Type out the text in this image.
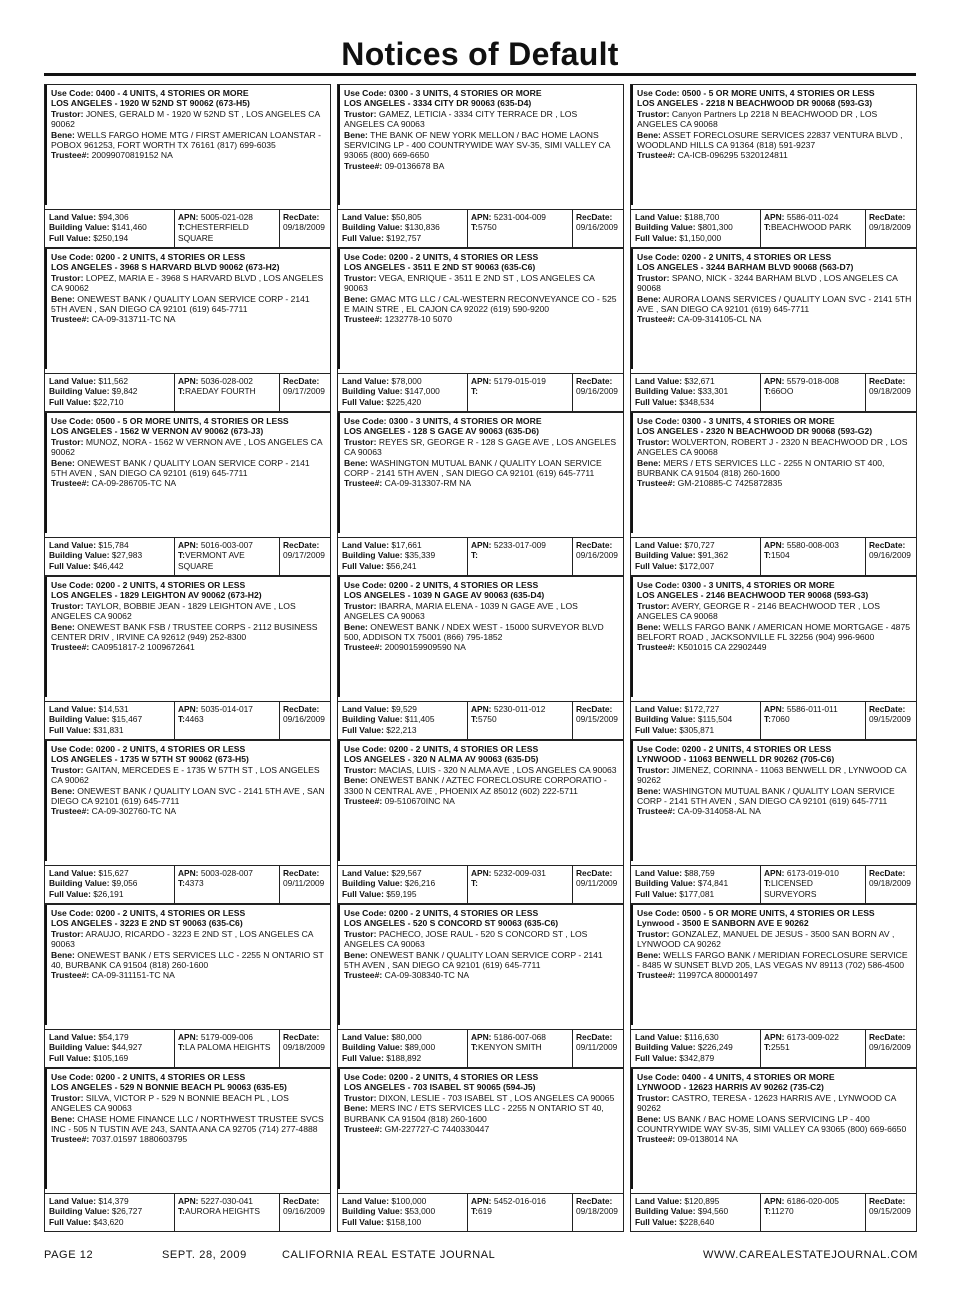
Notices of Default
Use Code: 0400 - 4 UNITS, 4 STORIES OR MORE
LOS ANGELES - 1920 W 52ND ST 90062 (673-H5)
Trustor: JONES, GERALD M - 1920 W 52ND ST , LOS ANGELES CA 90062
Bene: WELLS FARGO HOME MTG / FIRST AMERICAN LOANSTAR - POBOX 961253, FORT WORTH TX 76161 (817) 699-6035
Trustee#: 20099070819152 NA
Land Value: $94,306
Building Value: $141,460
Full Value: $250,194
APN: 5005-021-028
T:CHESTERFIELD SQUARE
RecDate:
09/18/2009
Use Code: 0300 - 3 UNITS, 4 STORIES OR MORE
LOS ANGELES - 3334 CITY DR 90063 (635-D4)
Trustor: GAMEZ, LETICIA - 3334 CITY TERRACE DR , LOS ANGELES CA 90063
Bene: THE BANK OF NEW YORK MELLON / BAC HOME LAONS SERVICING LP - 400 COUNTRYWIDE WAY SV-35, SIMI VALLEY CA 93065 (800) 669-6650
Trustee#: 09-0136678 BA
Land Value: $50,805
Building Value: $130,836
Full Value: $192,757
APN: 5231-004-009
T:5750
RecDate:
09/16/2009
Use Code: 0500 - 5 OR MORE UNITS, 4 STORIES OR LESS
LOS ANGELES - 2218 N BEACHWOOD DR 90068 (593-G3)
Trustor: Canyon Partners Lp 2218 N BEACHWOOD DR , LOS ANGELES CA 90068
Bene: ASSET FORECLOSURE SERVICES 22837 VENTURA BLVD , WOODLAND HILLS CA 91364 (818) 591-9237
Trustee#: CA-ICB-096295 5320124811
Land Value: $188,700
Building Value: $801,300
Full Value: $1,150,000
APN: 5586-011-024
T:BEACHWOOD PARK
RecDate:
09/18/2009
Use Code: 0200 - 2 UNITS, 4 STORIES OR LESS
LOS ANGELES - 3968 S HARVARD BLVD 90062 (673-H2)
Trustor: LOPEZ, MARIA E - 3968 S HARVARD BLVD , LOS ANGELES CA 90062
Bene: ONEWEST BANK / QUALITY LOAN SERVICE CORP - 2141 5TH AVEN , SAN DIEGO CA 92101 (619) 645-7711
Trustee#: CA-09-313711-TC NA
Land Value: $11,562
Building Value: $9,842
Full Value: $22,710
APN: 5036-028-002
T:RAEDAY FOURTH
RecDate:
09/17/2009
Use Code: 0200 - 2 UNITS, 4 STORIES OR LESS
LOS ANGELES - 3511 E 2ND ST 90063 (635-C6)
Trustor: VEGA, ENRIQUE - 3511 E 2ND ST , LOS ANGELES CA 90063
Bene: GMAC MTG LLC / CAL-WESTERN RECONVEYANCE CO - 525 E MAIN STRE , EL CAJON CA 92022 (619) 590-9200
Trustee#: 1232778-10 5070
Land Value: $78,000
Building Value: $147,000
Full Value: $225,420
APN: 5179-015-019
T:
RecDate:
09/16/2009
Use Code: 0200 - 2 UNITS, 4 STORIES OR LESS
LOS ANGELES - 3244 BARHAM BLVD 90068 (563-D7)
Trustor: SPANO, NICK - 3244 BARHAM BLVD , LOS ANGELES CA 90068
Bene: AURORA LOANS SERVICES / QUALITY LOAN SVC - 2141 5TH AVE , SAN DIEGO CA 92101 (619) 645-7711
Trustee#: CA-09-314105-CL NA
Land Value: $32,671
Building Value: $33,301
Full Value: $348,534
APN: 5579-018-008
T:66OO
RecDate:
09/18/2009
Use Code: 0500 - 5 OR MORE UNITS, 4 STORIES OR LESS
LOS ANGELES - 1562 W VERNON AV 90062 (673-J3)
Trustor: MUNOZ, NORA - 1562 W VERNON AVE , LOS ANGELES CA 90062
Bene: ONEWEST BANK / QUALITY LOAN SERVICE CORP - 2141 5TH AVEN , SAN DIEGO CA 92101 (619) 645-7711
Trustee#: CA-09-286705-TC NA
Land Value: $15,784
Building Value: $27,983
Full Value: $46,442
APN: 5016-003-007
T:VERMONT AVE SQUARE
RecDate:
09/17/2009
Use Code: 0300 - 3 UNITS, 4 STORIES OR MORE
LOS ANGELES - 128 S GAGE AV 90063 (635-D6)
Trustor: REYES SR, GEORGE R - 128 S GAGE AVE , LOS ANGELES CA 90063
Bene: WASHINGTON MUTUAL BANK / QUALITY LOAN SERVICE CORP - 2141 5TH AVEN , SAN DIEGO CA 92101 (619) 645-7711
Trustee#: CA-09-313307-RM NA
Land Value: $17,661
Building Value: $35,339
Full Value: $56,241
APN: 5233-017-009
T:
RecDate:
09/16/2009
Use Code: 0300 - 3 UNITS, 4 STORIES OR MORE
LOS ANGELES - 2320 N BEACHWOOD DR 90068 (593-G2)
Trustor: WOLVERTON, ROBERT J - 2320 N BEACHWOOD DR , LOS ANGELES CA 90068
Bene: MERS / ETS SERVICES LLC - 2255 N ONTARIO ST 400, BURBANK CA 91504 (818) 260-1600
Trustee#: GM-210885-C 7425872835
Land Value: $70,727
Building Value: $91,362
Full Value: $172,007
APN: 5580-008-003
T:1504
RecDate:
09/16/2009
Use Code: 0200 - 2 UNITS, 4 STORIES OR LESS
LOS ANGELES - 1829 LEIGHTON AV 90062 (673-H2)
Trustor: TAYLOR, BOBBIE JEAN - 1829 LEIGHTON AVE , LOS ANGELES CA 90062
Bene: ONEWEST BANK FSB / TRUSTEE CORPS - 2112 BUSINESS CENTER DRIV , IRVINE CA 92612 (949) 252-8300
Trustee#: CA0951817-2 1009672641
Land Value: $14,531
Building Value: $15,467
Full Value: $31,831
APN: 5035-014-017
T:4463
RecDate:
09/16/2009
Use Code: 0200 - 2 UNITS, 4 STORIES OR LESS
LOS ANGELES - 1039 N GAGE AV 90063 (635-D4)
Trustor: IBARRA, MARIA ELENA - 1039 N GAGE AVE , LOS ANGELES CA 90063
Bene: ONEWEST BANK / NDEX WEST - 15000 SURVEYOR BLVD 500, ADDISON TX 75001 (866) 795-1852
Trustee#: 20090159909590 NA
Land Value: $9,529
Building Value: $11,405
Full Value: $22,213
APN: 5230-011-012
T:5750
RecDate:
09/15/2009
Use Code: 0300 - 3 UNITS, 4 STORIES OR MORE
LOS ANGELES - 2146 BEACHWOOD TER 90068 (593-G3)
Trustor: AVERY, GEORGE R - 2146 BEACHWOOD TER , LOS ANGELES CA 90068
Bene: WELLS FARGO BANK / AMERICAN HOME MORTGAGE - 4875 BELFORT ROAD , JACKSONVILLE FL 32256 (904) 996-9600
Trustee#: K501015 CA 22902449
Land Value: $172,727
Building Value: $115,504
Full Value: $305,871
APN: 5586-011-011
T:7060
RecDate:
09/15/2009
Use Code: 0200 - 2 UNITS, 4 STORIES OR LESS
LOS ANGELES - 1735 W 57TH ST 90062 (673-H5)
Trustor: GAITAN, MERCEDES E - 1735 W 57TH ST , LOS ANGELES CA 90062
Bene: ONEWEST BANK / QUALITY LOAN SVC - 2141 5TH AVE , SAN DIEGO CA 92101 (619) 645-7711
Trustee#: CA-09-302760-TC NA
Land Value: $15,627
Building Value: $9,056
Full Value: $26,191
APN: 5003-028-007
T:4373
RecDate:
09/11/2009
Use Code: 0200 - 2 UNITS, 4 STORIES OR LESS
LOS ANGELES - 320 N ALMA AV 90063 (635-D5)
Trustor: MACIAS, LUIS - 320 N ALMA AVE , LOS ANGELES CA 90063
Bene: ONEWEST BANK / AZTEC FORECLOSURE CORPORATIO - 3300 N CENTRAL AVE , PHOENIX AZ 85012 (602) 222-5711
Trustee#: 09-510670INC NA
Land Value: $29,567
Building Value: $26,216
Full Value: $59,195
APN: 5232-009-031
T:
RecDate:
09/11/2009
Use Code: 0200 - 2 UNITS, 4 STORIES OR LESS
LYNWOOD - 11063 BENWELL DR 90262 (705-C6)
Trustor: JIMENEZ, CORINNA - 11063 BENWELL DR , LYNWOOD CA 90262
Bene: WASHINGTON MUTUAL BANK / QUALITY LOAN SERVICE CORP - 2141 5TH AVEN , SAN DIEGO CA 92101 (619) 645-7711
Trustee#: CA-09-314058-AL NA
Land Value: $88,759
Building Value: $74,841
Full Value: $177,081
APN: 6173-019-010
T:LICENSED SURVEYORS
RecDate:
09/18/2009
Use Code: 0200 - 2 UNITS, 4 STORIES OR LESS
LOS ANGELES - 3223 E 2ND ST 90063 (635-C6)
Trustor: ARAUJO, RICARDO - 3223 E 2ND ST , LOS ANGELES CA 90063
Bene: ONEWEST BANK / ETS SERVICES LLC - 2255 N ONTARIO ST 40, BURBANK CA 91504 (818) 260-1600
Trustee#: CA-09-311151-TC NA
Land Value: $54,179
Building Value: $44,927
Full Value: $105,169
APN: 5179-009-006
T:LA PALOMA HEIGHTS
RecDate:
09/18/2009
Use Code: 0200 - 2 UNITS, 4 STORIES OR LESS
LOS ANGELES - 520 S CONCORD ST 90063 (635-C6)
Trustor: PACHECO, JOSE RAUL - 520 S CONCORD ST , LOS ANGELES CA 90063
Bene: ONEWEST BANK / QUALITY LOAN SERVICE CORP - 2141 5TH AVEN , SAN DIEGO CA 92101 (619) 645-7711
Trustee#: CA-09-308340-TC NA
Land Value: $80,000
Building Value: $89,000
Full Value: $188,892
APN: 5186-007-068
T:KENYON SMITH
RecDate:
09/11/2009
Use Code: 0500 - 5 OR MORE UNITS, 4 STORIES OR LESS
Lynwood - 3500 E SANBORN AVE E 90262
Trustor: GONZALEZ, MANUEL DE JESUS - 3500 SAN BORN AV , LYNWOOD CA 90262
Bene: WELLS FARGO BANK / MERIDIAN FORECLOSURE SERVICE - 8485 W SUNSET BLVD 205, LAS VEGAS NV 89113 (702) 586-4500
Trustee#: 11997CA 800001497
Land Value: $116,630
Building Value: $226,249
Full Value: $342,879
APN: 6173-009-022
T:2551
RecDate:
09/16/2009
Use Code: 0200 - 2 UNITS, 4 STORIES OR LESS
LOS ANGELES - 529 N BONNIE BEACH PL 90063 (635-E5)
Trustor: SILVA, VICTOR P - 529 N BONNIE BEACH PL , LOS ANGELES CA 90063
Bene: CHASE HOME FINANCE LLC / NORTHWEST TRUSTEE SVCS INC - 505 N TUSTIN AVE 243, SANTA ANA CA 92705 (714) 277-4888
Trustee#: 7037.01597 1880603795
Land Value: $14,379
Building Value: $26,727
Full Value: $43,620
APN: 5227-030-041
T:AURORA HEIGHTS
RecDate:
09/16/2009
Use Code: 0200 - 2 UNITS, 4 STORIES OR LESS
LOS ANGELES - 703 ISABEL ST 90065 (594-J5)
Trustor: DIXON, LESLIE - 703 ISABEL ST , LOS ANGELES CA 90065
Bene: MERS INC / ETS SERVICES LLC - 2255 N ONTARIO ST 40, BURBANK CA 91504 (818) 260-1600
Trustee#: GM-227727-C 7440330447
Land Value: $100,000
Building Value: $53,000
Full Value: $158,100
APN: 5452-016-016
T:619
RecDate:
09/18/2009
Use Code: 0400 - 4 UNITS, 4 STORIES OR MORE
LYNWOOD - 12623 HARRIS AV 90262 (735-C2)
Trustor: CASTRO, TERESA - 12623 HARRIS AVE , LYNWOOD CA 90262
Bene: US BANK / BAC HOME LOANS SERVICING LP - 400 COUNTRYWIDE WAY SV-35, SIMI VALLEY CA 93065 (800) 669-6650
Trustee#: 09-0138014 NA
Land Value: $120,895
Building Value: $94,560
Full Value: $228,640
APN: 6186-020-005
T:11270
RecDate:
09/15/2009
PAGE 12	SEPT. 28, 2009	CALIFORNIA REAL ESTATE JOURNAL	WWW.CAREALESTATEJOURNAL.COM
